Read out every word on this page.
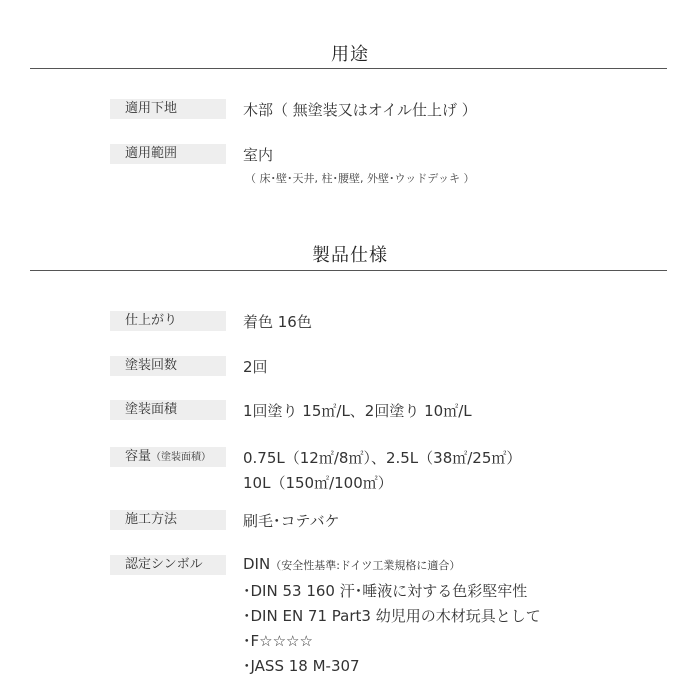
用途
適用下地	木部（ 無塗装又はオイル仕上げ ）
適用範囲	室内
（ 床･壁･天井, 柱･腰壁, 外壁･ウッドデッキ ）
製品仕様
仕上がり	着色 16色
塗装回数	2回
塗装面積	1回塗り 15㎡/L、2回塗り 10㎡/L
容量（塗装面積）	0.75L（12㎡/8㎡）、2.5L（38㎡/25㎡）
10L（150㎡/100㎡）
施工方法	刷毛･コテバケ
認定シンボル	DIN（安全性基準:ドイツ工業規格に適合）
･DIN 53 160 汗･唾液に対する色彩堅牢性
･DIN EN 71 Part3 幼児用の木材玩具として
･F☆☆☆☆
･JASS 18 M-307
